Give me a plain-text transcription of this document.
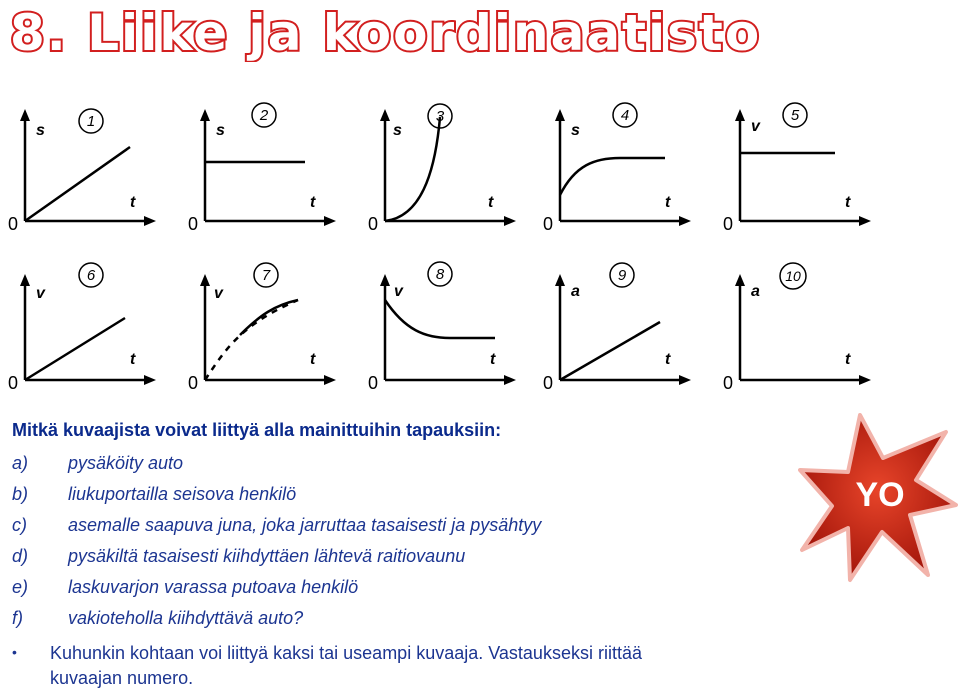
8. Liike ja koordinaatisto
1
s
t
0
2
s
t
0
3
s
t
0
4
s
t
0
5
v
t
0
6
v
t
0
7
v
t
0
8
v
t
0
9
a
t
0
10
a
t
0
Mitkä kuvaajista voivat liittyä alla mainittuihin tapauksiin:
a) pysäköity auto
b) liukuportailla seisova henkilö
c) asemalle saapuva juna, joka jarruttaa tasaisesti ja pysähtyy
d) pysäkiltä tasaisesti kiihdyttäen lähtevä raitiovaunu
e) laskuvarjon varassa putoava henkilö
f)	vakioteholla kiihdyttävä auto?
• Kuhunkin kohtaan voi liittyä kaksi tai useampi kuvaaja. Vastaukseksi riittää
kuvaajan numero.
YO
